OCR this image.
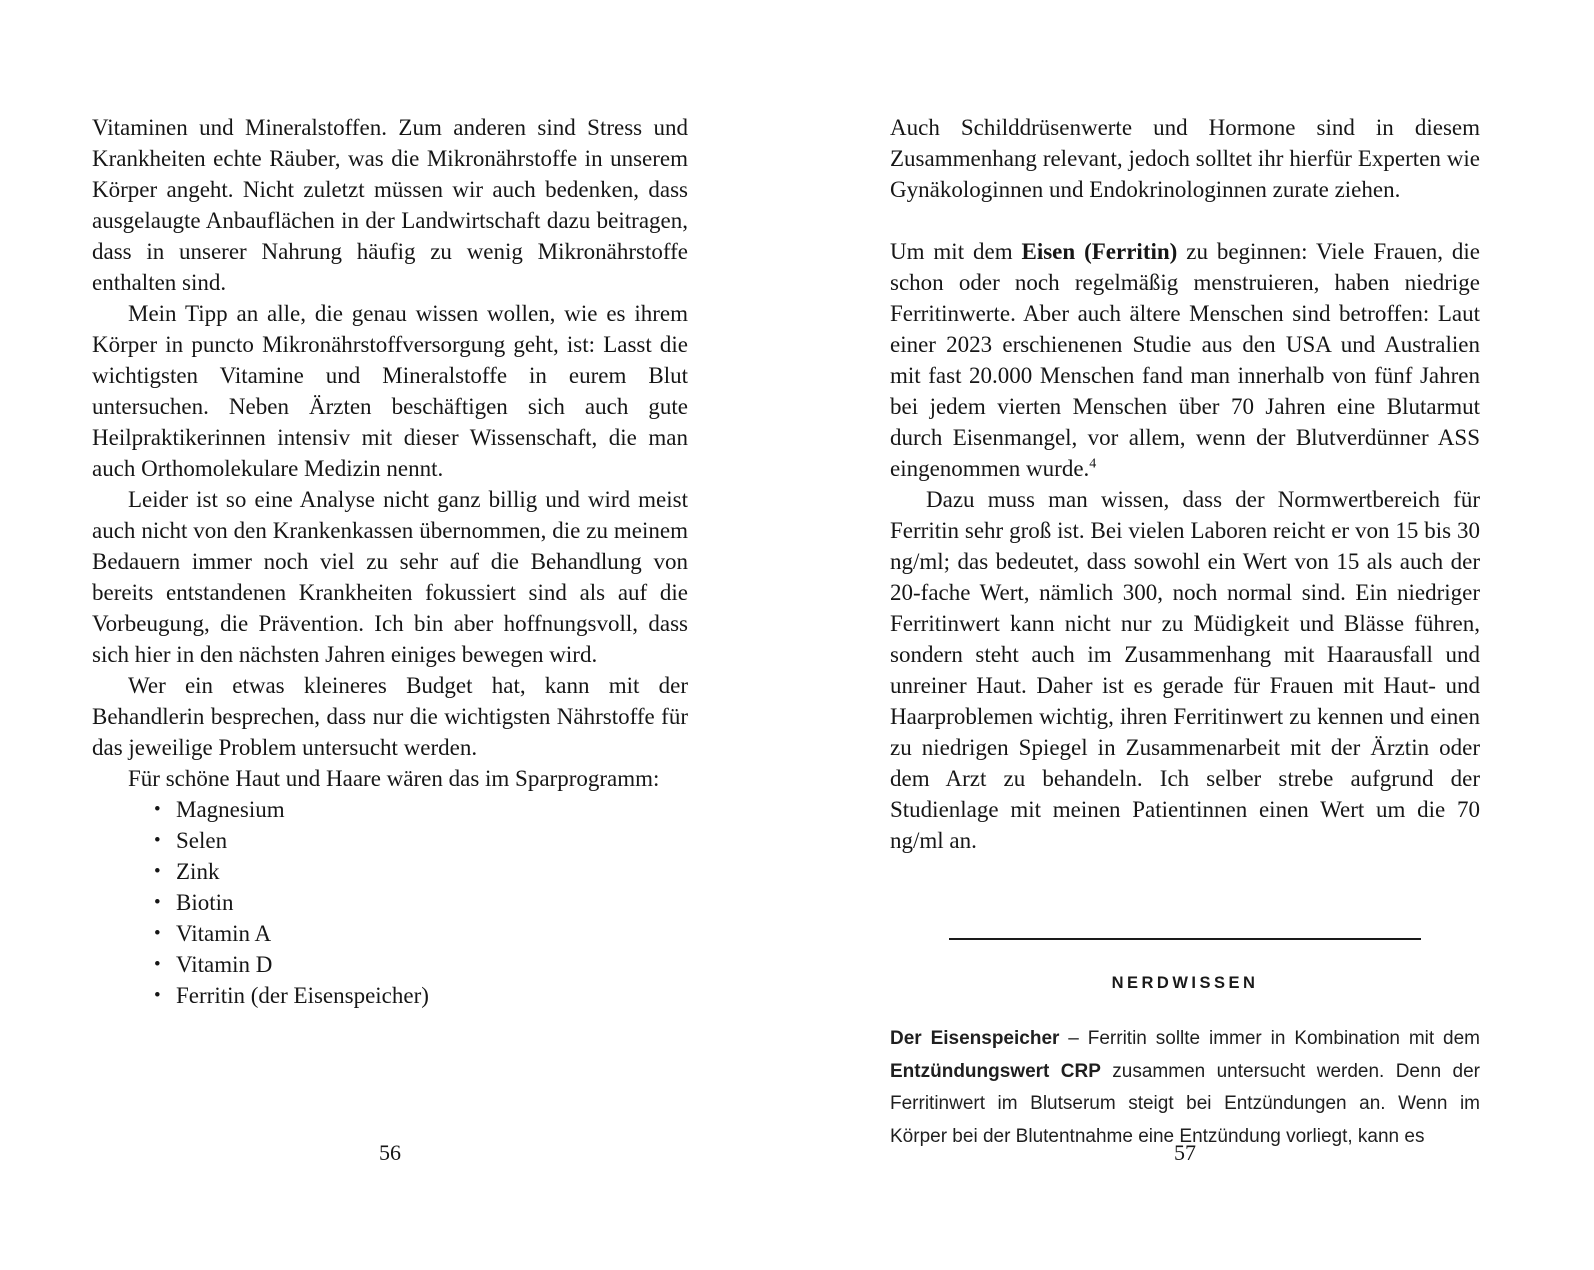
Vitaminen und Mineralstoffen. Zum anderen sind Stress und Krankheiten echte Räuber, was die Mikronährstoffe in unserem Körper angeht. Nicht zuletzt müssen wir auch bedenken, dass ausgelaugte Anbauflächen in der Landwirtschaft dazu beitragen, dass in unserer Nahrung häufig zu wenig Mikronährstoffe enthalten sind.

Mein Tipp an alle, die genau wissen wollen, wie es ihrem Körper in puncto Mikronährstoffversorgung geht, ist: Lasst die wichtigsten Vitamine und Mineralstoffe in eurem Blut untersuchen. Neben Ärzten beschäftigen sich auch gute Heilpraktikerinnen intensiv mit dieser Wissenschaft, die man auch Orthomolekulare Medizin nennt.

Leider ist so eine Analyse nicht ganz billig und wird meist auch nicht von den Krankenkassen übernommen, die zu meinem Bedauern immer noch viel zu sehr auf die Behandlung von bereits entstandenen Krankheiten fokussiert sind als auf die Vorbeugung, die Prävention. Ich bin aber hoffnungsvoll, dass sich hier in den nächsten Jahren einiges bewegen wird.

Wer ein etwas kleineres Budget hat, kann mit der Behandlerin besprechen, dass nur die wichtigsten Nährstoffe für das jeweilige Problem untersucht werden.

Für schöne Haut und Haare wären das im Sparprogramm:

• Magnesium
• Selen
• Zink
• Biotin
• Vitamin A
• Vitamin D
• Ferritin (der Eisenspeicher)

Auch Schilddrüsenwerte und Hormone sind in diesem Zusammenhang relevant, jedoch solltet ihr hierfür Experten wie Gynäkologinnen und Endokrinologinnen zurate ziehen.

Um mit dem Eisen (Ferritin) zu beginnen: Viele Frauen, die schon oder noch regelmäßig menstruieren, haben niedrige Ferritinwerte. Aber auch ältere Menschen sind betroffen: Laut einer 2023 erschienenen Studie aus den USA und Australien mit fast 20.000 Menschen fand man innerhalb von fünf Jahren bei jedem vierten Menschen über 70 Jahren eine Blutarmut durch Eisenmangel, vor allem, wenn der Blutverdünner ASS eingenommen wurde.$^4$

Dazu muss man wissen, dass der Normwertbereich für Ferritin sehr groß ist. Bei vielen Laboren reicht er von 15 bis 30 ng/ml; das bedeutet, dass sowohl ein Wert von 15 als auch der 20-fache Wert, nämlich 300, noch normal sind. Ein niedriger Ferritinwert kann nicht nur zu Müdigkeit und Blässe führen, sondern steht auch im Zusammenhang mit Haarausfall und unreiner Haut. Daher ist es gerade für Frauen mit Haut- und Haarproblemen wichtig, ihren Ferritinwert zu kennen und einen zu niedrigen Spiegel in Zusammenarbeit mit der Ärztin oder dem Arzt zu behandeln. Ich selber strebe aufgrund der Studienlage mit meinen Patientinnen einen Wert um die 70 ng/ml an.

NERDWISSEN

Der Eisenspeicher – Ferritin sollte immer in Kombination mit dem Entzündungswert CRP zusammen untersucht werden. Denn der Ferritinwert im Blutserum steigt bei Entzündungen an. Wenn im Körper bei der Blutentnahme eine Entzündung vorliegt, kann es

56	57
